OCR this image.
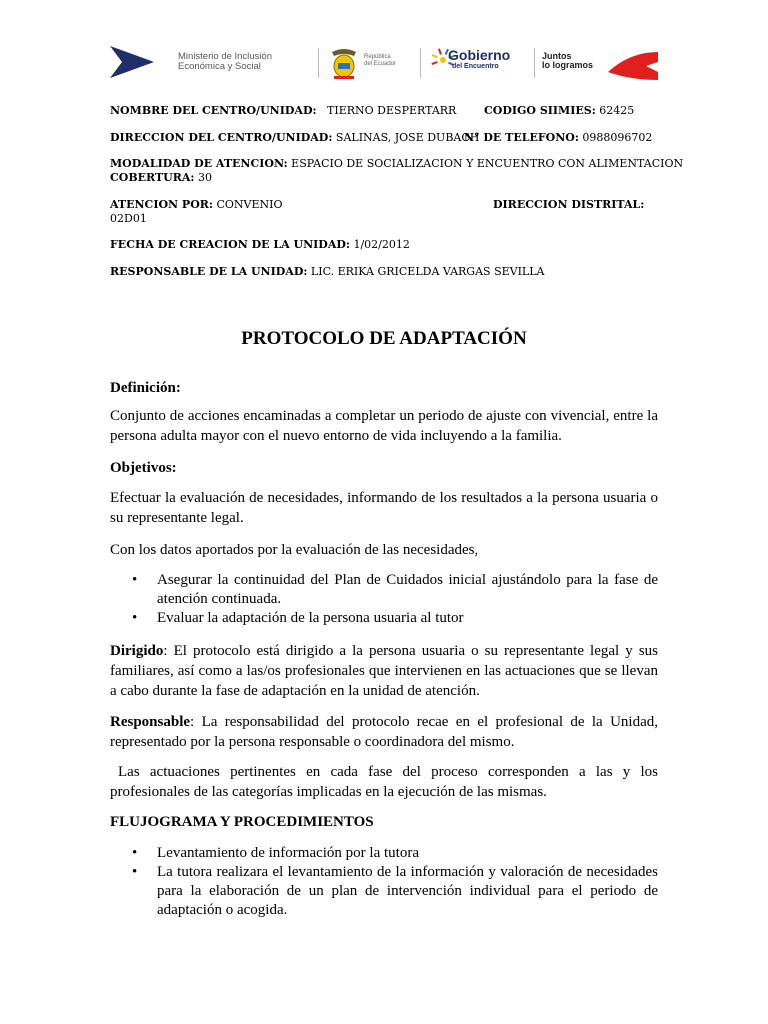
Ministerio de Inclusión
Económica y Social
República
del Ecuador
Gobierno
del Encuentro
Juntos
lo logramos
NOMBRE DEL CENTRO/UNIDAD: TIERNO DESPERTARR	CODIGO SIIMIES: 62425
DIRECCION DEL CENTRO/UNIDAD: SALINAS, JOSE DUBACH
N° DE TELEFONO: 0988096702
MODALIDAD DE ATENCION: ESPACIO DE SOCIALIZACION Y ENCUENTRO CON ALIMENTACION
COBERTURA: 30
ATENCION POR: CONVENIO	DIRECCION DISTRITAL:
02D01
FECHA DE CREACION DE LA UNIDAD: 1/02/2012
RESPONSABLE DE LA UNIDAD: LIC. ERIKA GRICELDA VARGAS SEVILLA
PROTOCOLO DE ADAPTACIÓN
Definición:
Conjunto de acciones encaminadas a completar un periodo de ajuste con vivencial, entre la persona adulta mayor con el nuevo entorno de vida incluyendo a la familia.
Objetivos:
Efectuar la evaluación de necesidades, informando de los resultados a la persona usuaria o su representante legal.
Con los datos aportados por la evaluación de las necesidades,
• Asegurar la continuidad del Plan de Cuidados inicial ajustándolo para la fase de atención continuada.
• Evaluar la adaptación de la persona usuaria al tutor
Dirigido: El protocolo está dirigido a la persona usuaria o su representante legal y sus familiares, así como a las/os profesionales que intervienen en las actuaciones que se llevan a cabo durante la fase de adaptación en la unidad de atención.
Responsable: La responsabilidad del protocolo recae en el profesional de la Unidad, representado por la persona responsable o coordinadora del mismo.
Las actuaciones pertinentes en cada fase del proceso corresponden a las y los profesionales de las categorías implicadas en la ejecución de las mismas.
FLUJOGRAMA Y PROCEDIMIENTOS
• Levantamiento de información por la tutora
• La tutora realizara el levantamiento de la información y valoración de necesidades para la elaboración de un plan de intervención individual para el periodo de adaptación o acogida.
